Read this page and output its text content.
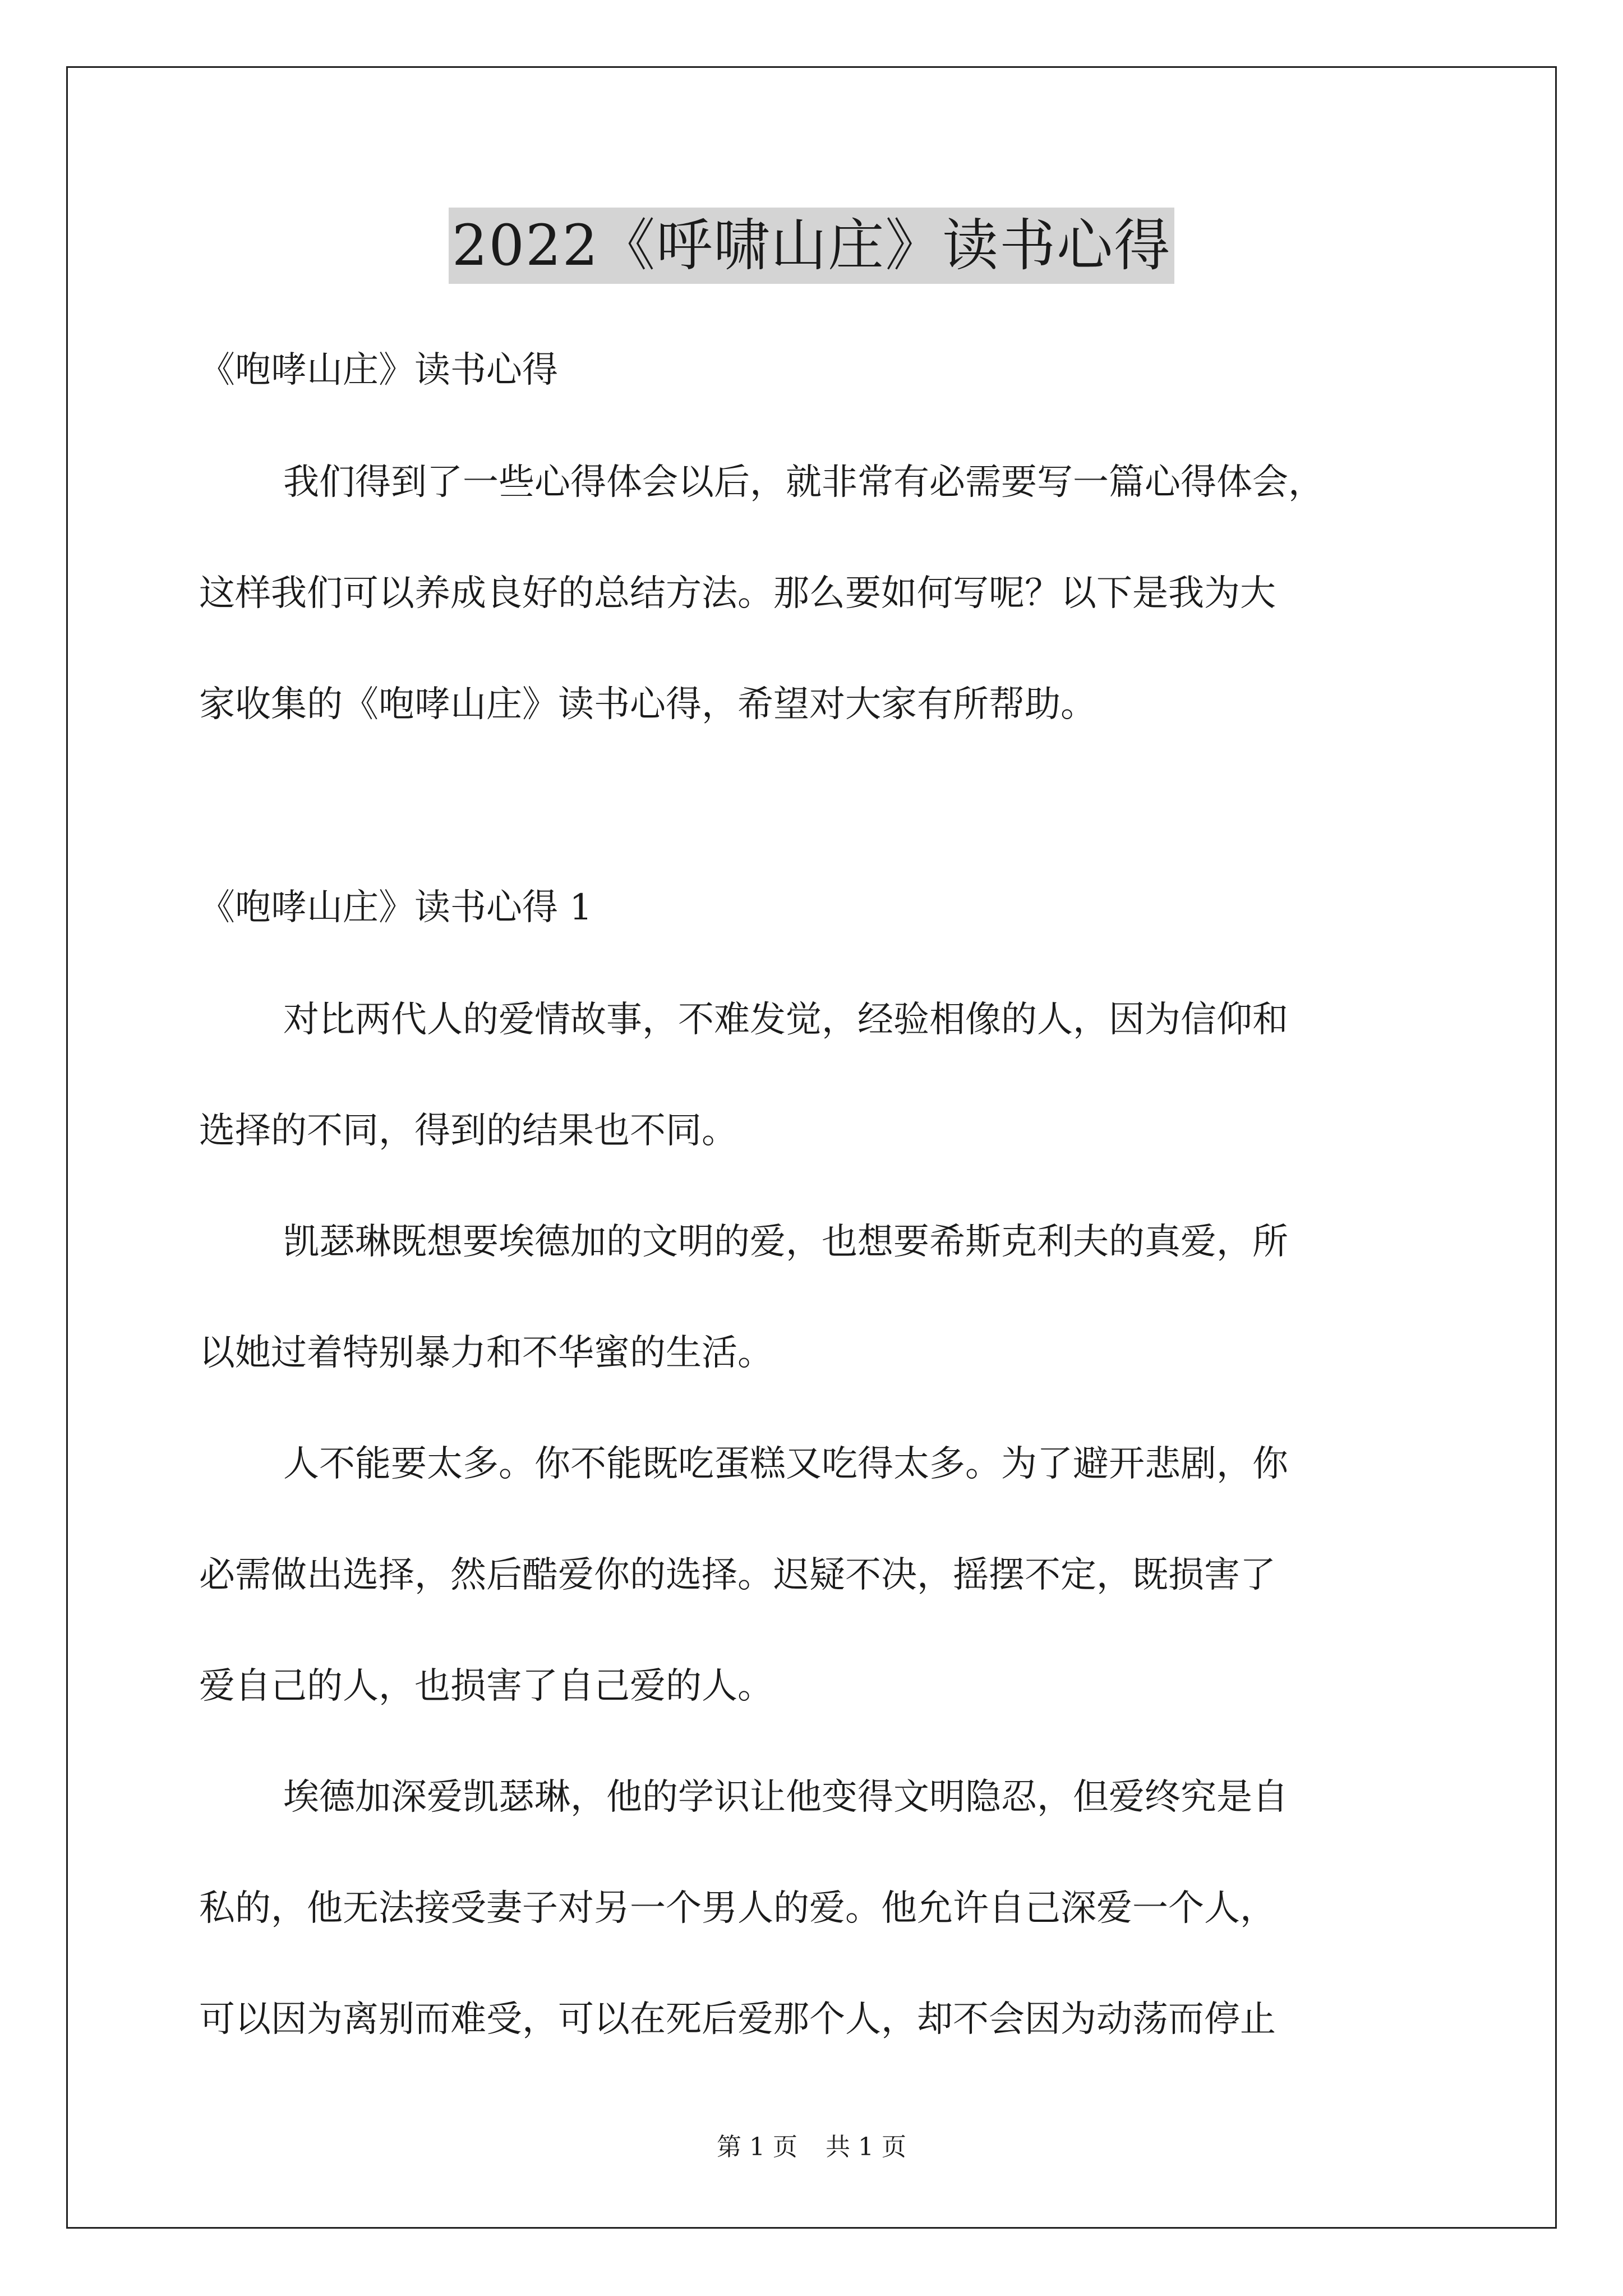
2022《呼啸山庄》读书心得
《咆哮山庄》读书心得
我们得到了一些心得体会以后，就非常有必需要写一篇心得体会，
这样我们可以养成良好的总结方法。那么要如何写呢？以下是我为大
家收集的《咆哮山庄》读书心得，希望对大家有所帮助。
《咆哮山庄》读书心得 1
对比两代人的爱情故事，不难发觉，经验相像的人，因为信仰和
选择的不同，得到的结果也不同。
凯瑟琳既想要埃德加的文明的爱，也想要希斯克利夫的真爱，所
以她过着特别暴力和不华蜜的生活。
人不能要太多。你不能既吃蛋糕又吃得太多。为了避开悲剧，你
必需做出选择，然后酷爱你的选择。迟疑不决，摇摆不定，既损害了
爱自己的人，也损害了自己爱的人。
埃德加深爱凯瑟琳，他的学识让他变得文明隐忍，但爱终究是自
私的，他无法接受妻子对另一个男人的爱。他允许自己深爱一个人，
可以因为离别而难受，可以在死后爱那个人，却不会因为动荡而停止
第 1 页 共 1 页
